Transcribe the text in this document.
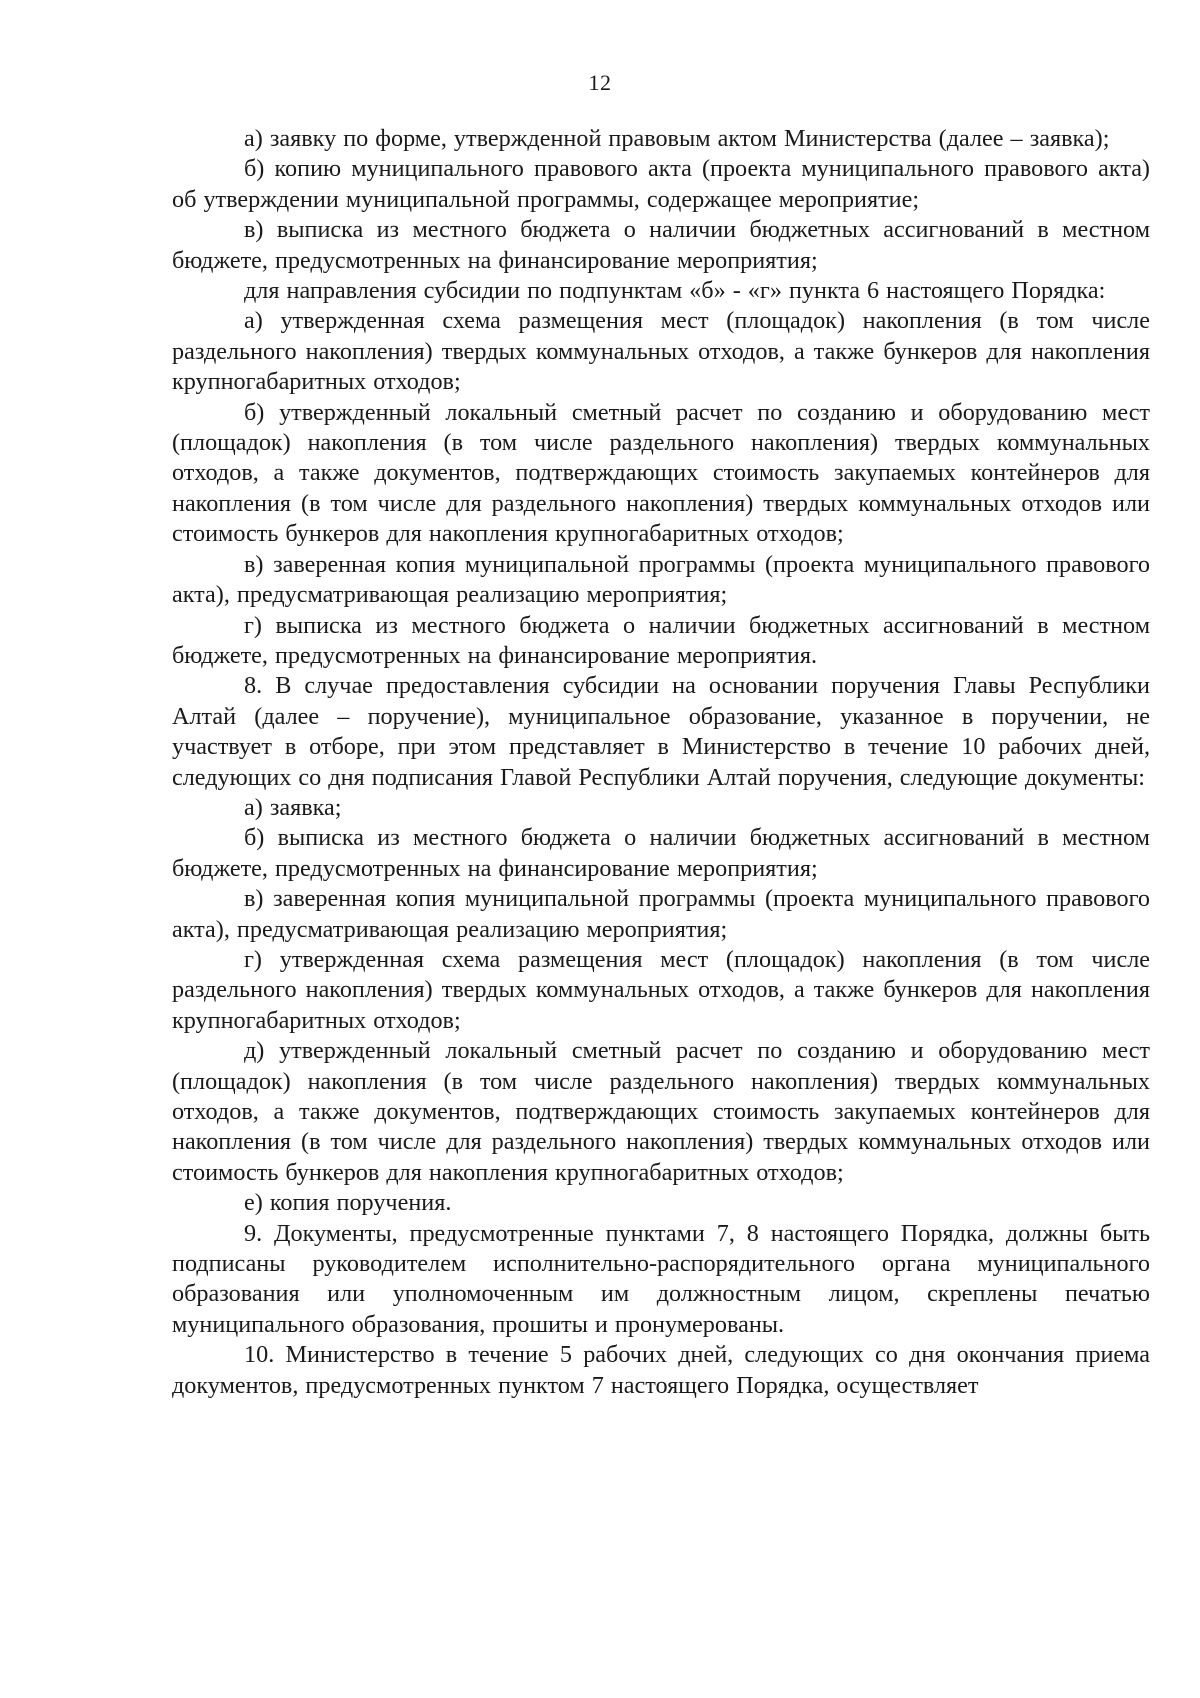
12

а) заявку по форме, утвержденной правовым актом Министерства (далее – заявка);

б) копию муниципального правового акта (проекта муниципального правового акта) об утверждении муниципальной программы, содержащее мероприятие;

в) выписка из местного бюджета о наличии бюджетных ассигнований в местном бюджете, предусмотренных на финансирование мероприятия;

для направления субсидии по подпунктам «б» - «г» пункта 6 настоящего Порядка:

а) утвержденная схема размещения мест (площадок) накопления (в том числе раздельного накопления) твердых коммунальных отходов, а также бункеров для накопления крупногабаритных отходов;

б) утвержденный локальный сметный расчет по созданию и оборудованию мест (площадок) накопления (в том числе раздельного накопления) твердых коммунальных отходов, а также документов, подтверждающих стоимость закупаемых контейнеров для накопления (в том числе для раздельного накопления) твердых коммунальных отходов или стоимость бункеров для накопления крупногабаритных отходов;

в) заверенная копия муниципальной программы (проекта муниципального правового акта), предусматривающая реализацию мероприятия;

г) выписка из местного бюджета о наличии бюджетных ассигнований в местном бюджете, предусмотренных на финансирование мероприятия.

8. В случае предоставления субсидии на основании поручения Главы Республики Алтай (далее – поручение), муниципальное образование, указанное в поручении, не участвует в отборе, при этом представляет в Министерство в течение 10 рабочих дней, следующих со дня подписания Главой Республики Алтай поручения, следующие документы:

а) заявка;

б) выписка из местного бюджета о наличии бюджетных ассигнований в местном бюджете, предусмотренных на финансирование мероприятия;

в) заверенная копия муниципальной программы (проекта муниципального правового акта), предусматривающая реализацию мероприятия;

г) утвержденная схема размещения мест (площадок) накопления (в том числе раздельного накопления) твердых коммунальных отходов, а также бункеров для накопления крупногабаритных отходов;

д) утвержденный локальный сметный расчет по созданию и оборудованию мест (площадок) накопления (в том числе раздельного накопления) твердых коммунальных отходов, а также документов, подтверждающих стоимость закупаемых контейнеров для накопления (в том числе для раздельного накопления) твердых коммунальных отходов или стоимость бункеров для накопления крупногабаритных отходов;

е) копия поручения.

9. Документы, предусмотренные пунктами 7, 8 настоящего Порядка, должны быть подписаны руководителем исполнительно-распорядительного органа муниципального образования или уполномоченным им должностным лицом, скреплены печатью муниципального образования, прошиты и пронумерованы.

10. Министерство в течение 5 рабочих дней, следующих со дня окончания приема документов, предусмотренных пунктом 7 настоящего Порядка, осуществляет
